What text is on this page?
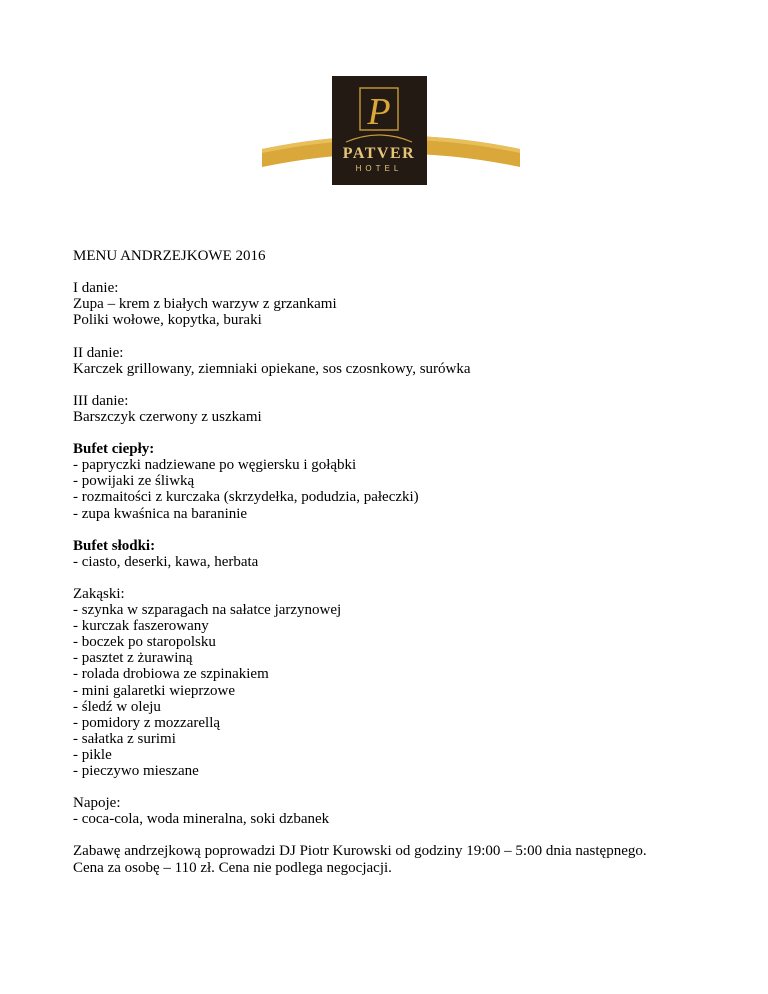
P
PATVER
HOTEL
MENU ANDRZEJKOWE 2016
I danie:
Zupa – krem z białych warzyw z grzankami
Poliki wołowe, kopytka, buraki
II danie:
Karczek grillowany, ziemniaki opiekane, sos czosnkowy, surówka
III danie:
Barszczyk czerwony z uszkami
Bufet ciepły:
- papryczki nadziewane po węgiersku i gołąbki
- powijaki ze śliwką
- rozmaitości z kurczaka (skrzydełka, podudzia, pałeczki)
- zupa kwaśnica na baraninie
Bufet słodki:
- ciasto, deserki, kawa, herbata
Zakąski:
- szynka w szparagach na sałatce jarzynowej
- kurczak faszerowany
- boczek po staropolsku
- pasztet z żurawiną
- rolada drobiowa ze szpinakiem
- mini galaretki wieprzowe
- śledź w oleju
- pomidory z mozzarellą
- sałatka z surimi
- pikle
- pieczywo mieszane
Napoje:
- coca-cola, woda mineralna, soki dzbanek
Zabawę andrzejkową poprowadzi DJ Piotr Kurowski od godziny 19:00 – 5:00 dnia następnego.
Cena za osobę – 110 zł. Cena nie podlega negocjacji.
